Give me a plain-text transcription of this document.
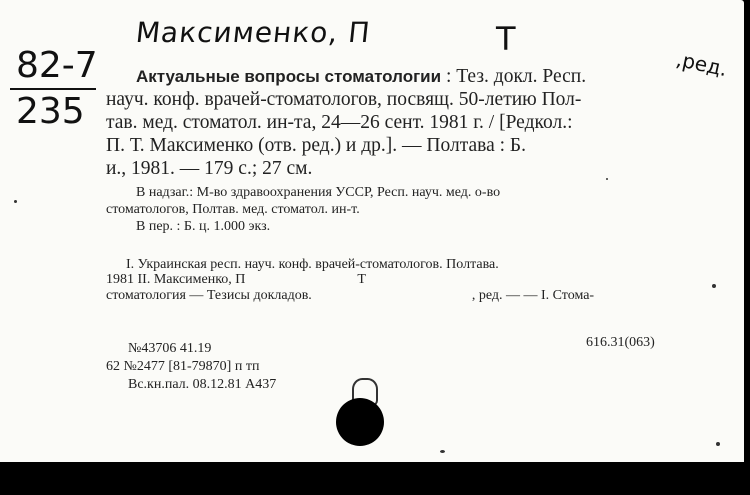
Максименко, П	Т
,ред.
82-7
235
Актуальные вопросы стоматологии : Тез. докл. Респ.
науч. конф. врачей-стоматологов, посвящ. 50-летию Пол-
тав. мед. стоматол. ин-та, 24—26 сент. 1981 г. / [Редкол.:
П. Т. Максименко (отв. ред.) и др.]. — Полтава : Б.
и., 1981. — 179 с.; 27 см.
В надзаг.: М-во здравоохранения УССР, Респ. науч. мед. о-во
стоматологов, Полтав. мед. стоматол. ин-т.
В пер. : Б. ц. 1.000 экз.
I. Украинская респ. науч. конф. врачей-стоматологов. Полтава.
1981 II. Максименко, П	Т
стоматология — Тезисы докладов.	, ред. — — I. Стома-
№43706 41.19
62 №2477 [81-79870] п тп
Вс.кн.пал. 08.12.81 А437
616.31(063)
